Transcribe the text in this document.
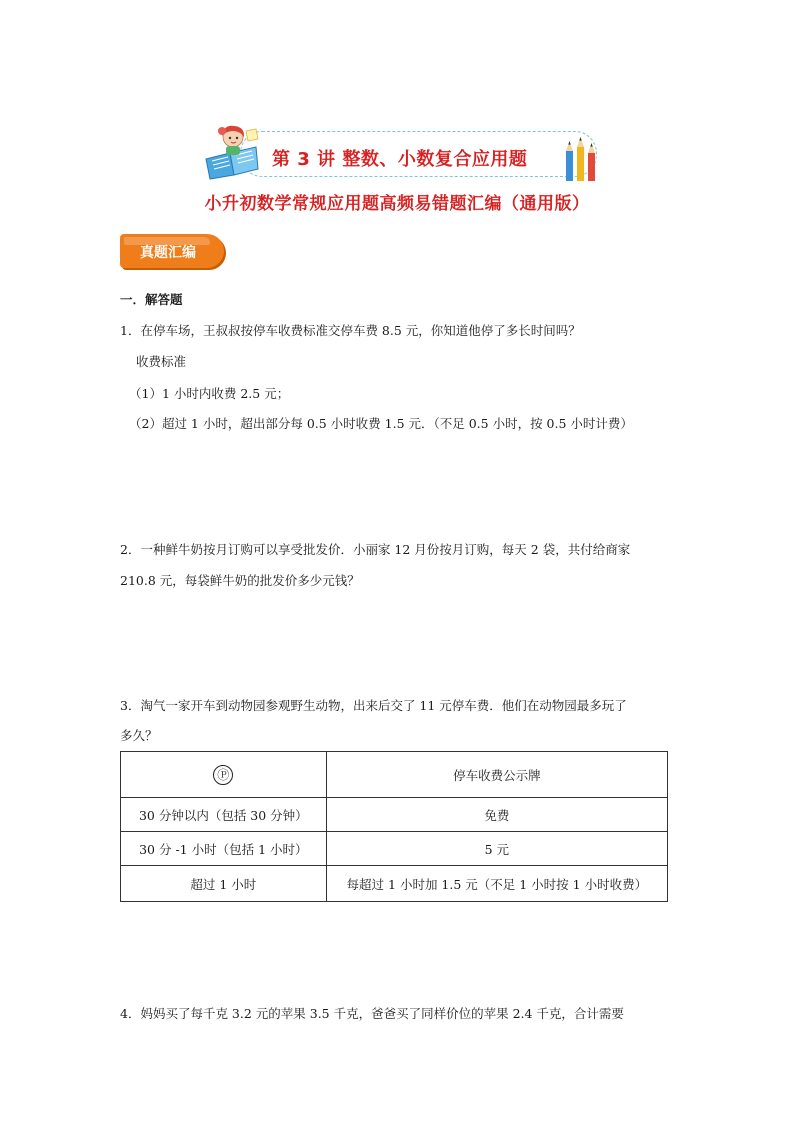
第 3 讲 整数、小数复合应用题
小升初数学常规应用题高频易错题汇编（通用版）
真题汇编
一．解答题
1．在停车场，王叔叔按停车收费标准交停车费 8.5 元，你知道他停了多长时间吗？
收费标准
（1）1 小时内收费 2.5 元；
（2）超过 1 小时，超出部分每 0.5 小时收费 1.5 元．（不足 0.5 小时，按 0.5 小时计费）
2．一种鲜牛奶按月订购可以享受批发价．小丽家 12 月份按月订购，每天 2 袋，共付给商家
210.8 元，每袋鲜牛奶的批发价多少元钱？
3．淘气一家开车到动物园参观野生动物，出来后交了 11 元停车费．他们在动物园最多玩了
多久？
Ⓟ	停车收费公示牌
30 分钟以内（包括 30 分钟）	免费
30 分 -1 小时（包括 1 小时）	5 元
超过 1 小时	每超过 1 小时加 1.5 元（不足 1 小时按 1 小时收费）
4．妈妈买了每千克 3.2 元的苹果 3.5 千克，爸爸买了同样价位的苹果 2.4 千克，合计需要
